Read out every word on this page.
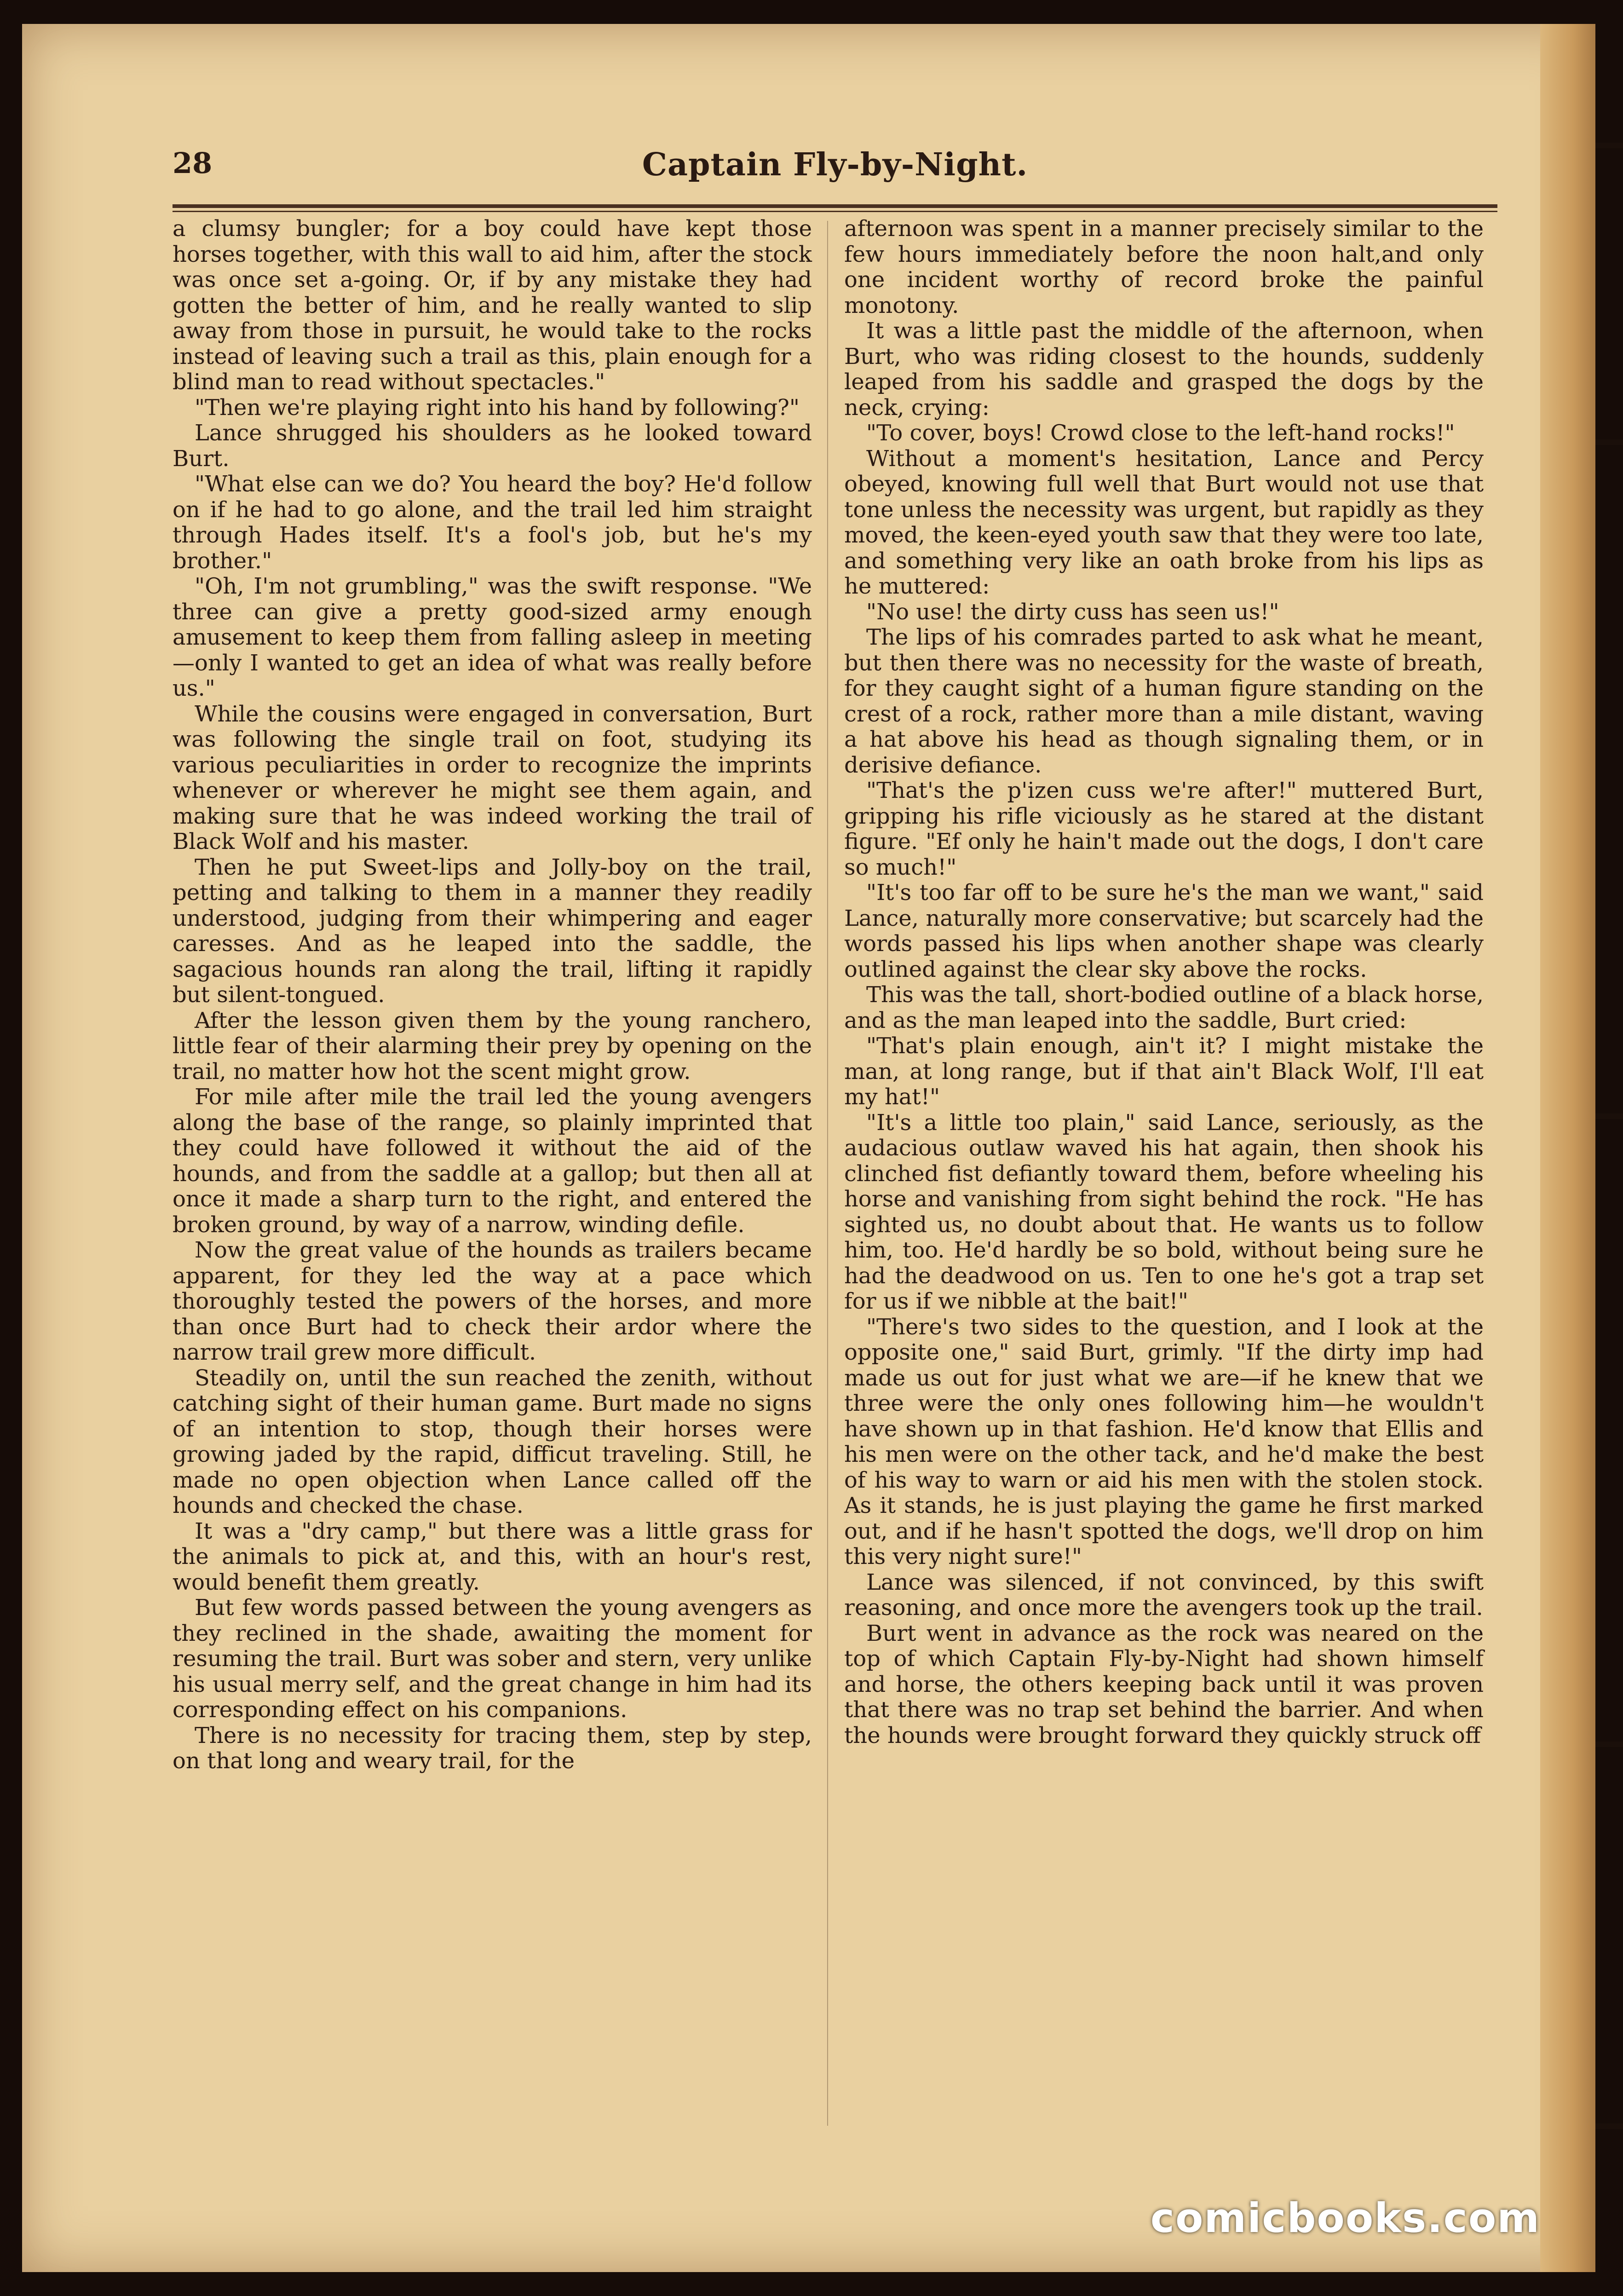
28	Captain Fly-by-Night.

a clumsy bungler; for a boy could have kept those horses together, with this wall to aid him, after the stock was once set a-going. Or, if by any mistake they had gotten the better of him, and he really wanted to slip away from those in pursuit, he would take to the rocks instead of leaving such a trail as this, plain enough for a blind man to read without spectacles."

"Then we're playing right into his hand by following?"

Lance shrugged his shoulders as he looked toward Burt.

"What else can we do? You heard the boy? He'd follow on if he had to go alone, and the trail led him straight through Hades itself. It's a fool's job, but he's my brother."

"Oh, I'm not grumbling," was the swift response. "We three can give a pretty good-sized army enough amusement to keep them from falling asleep in meeting—only I wanted to get an idea of what was really before us."

While the cousins were engaged in conversation, Burt was following the single trail on foot, studying its various peculiarities in order to recognize the imprints whenever or wherever he might see them again, and making sure that he was indeed working the trail of Black Wolf and his master.

Then he put Sweet-lips and Jolly-boy on the trail, petting and talking to them in a manner they readily understood, judging from their whimpering and eager caresses. And as he leaped into the saddle, the sagacious hounds ran along the trail, lifting it rapidly but silent-tongued.

After the lesson given them by the young ranchero, little fear of their alarming their prey by opening on the trail, no matter how hot the scent might grow.

For mile after mile the trail led the young avengers along the base of the range, so plainly imprinted that they could have followed it without the aid of the hounds, and from the saddle at a gallop; but then all at once it made a sharp turn to the right, and entered the broken ground, by way of a narrow, winding defile.

Now the great value of the hounds as trailers became apparent, for they led the way at a pace which thoroughly tested the powers of the horses, and more than once Burt had to check their ardor where the narrow trail grew more difficult.

Steadily on, until the sun reached the zenith, without catching sight of their human game. Burt made no signs of an intention to stop, though their horses were growing jaded by the rapid, difficut traveling. Still, he made no open objection when Lance called off the hounds and checked the chase.

It was a "dry camp," but there was a little grass for the animals to pick at, and this, with an hour's rest, would benefit them greatly.

But few words passed between the young avengers as they reclined in the shade, awaiting the moment for resuming the trail. Burt was sober and stern, very unlike his usual merry self, and the great change in him had its corresponding effect on his companions.

There is no necessity for tracing them, step by step, on that long and weary trail, for the

afternoon was spent in a manner precisely similar to the few hours immediately before the noon halt,and only one incident worthy of record broke the painful monotony.

It was a little past the middle of the afternoon, when Burt, who was riding closest to the hounds, suddenly leaped from his saddle and grasped the dogs by the neck, crying:

"To cover, boys! Crowd close to the left-hand rocks!"

Without a moment's hesitation, Lance and Percy obeyed, knowing full well that Burt would not use that tone unless the necessity was urgent, but rapidly as they moved, the keen-eyed youth saw that they were too late, and something very like an oath broke from his lips as he muttered:

"No use! the dirty cuss has seen us!"

The lips of his comrades parted to ask what he meant, but then there was no necessity for the waste of breath, for they caught sight of a human figure standing on the crest of a rock, rather more than a mile distant, waving a hat above his head as though signaling them, or in derisive defiance.

"That's the p'izen cuss we're after!" muttered Burt, gripping his rifle viciously as he stared at the distant figure. "Ef only he hain't made out the dogs, I don't care so much!"

"It's too far off to be sure he's the man we want," said Lance, naturally more conservative; but scarcely had the words passed his lips when another shape was clearly outlined against the clear sky above the rocks.

This was the tall, short-bodied outline of a black horse, and as the man leaped into the saddle, Burt cried:

"That's plain enough, ain't it? I might mistake the man, at long range, but if that ain't Black Wolf, I'll eat my hat!"

"It's a little too plain," said Lance, seriously, as the audacious outlaw waved his hat again, then shook his clinched fist defiantly toward them, before wheeling his horse and vanishing from sight behind the rock. "He has sighted us, no doubt about that. He wants us to follow him, too. He'd hardly be so bold, without being sure he had the deadwood on us. Ten to one he's got a trap set for us if we nibble at the bait!"

"There's two sides to the question, and I look at the opposite one," said Burt, grimly. "If the dirty imp had made us out for just what we are—if he knew that we three were the only ones following him—he wouldn't have shown up in that fashion. He'd know that Ellis and his men were on the other tack, and he'd make the best of his way to warn or aid his men with the stolen stock. As it stands, he is just playing the game he first marked out, and if he hasn't spotted the dogs, we'll drop on him this very night sure!"

Lance was silenced, if not convinced, by this swift reasoning, and once more the avengers took up the trail.

Burt went in advance as the rock was neared on the top of which Captain Fly-by-Night had shown himself and horse, the others keeping back until it was proven that there was no trap set behind the barrier. And when the hounds were brought forward they quickly struck off

comicbooks.com
